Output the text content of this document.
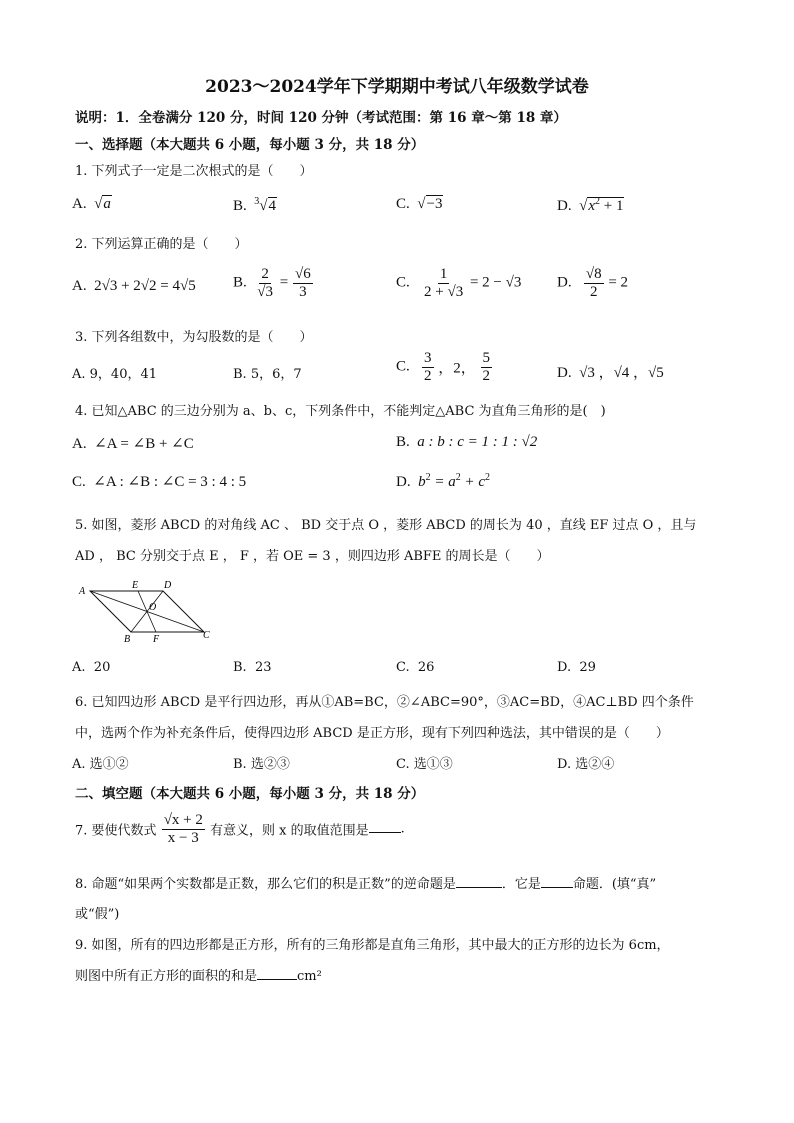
2023～2024学年下学期期中考试八年级数学试卷
说明：1．全卷满分 120 分，时间 120 分钟（考试范围：第 16 章～第 18 章）
一、选择题（本大题共 6 小题，每小题 3 分，共 18 分）
1. 下列式子一定是二次根式的是（　　）
A.  √a	B. $^3$√4	C.  √−3	D.  $√x^2 + 1$
2. 下列运算正确的是（　　）
A. 2√3 + 2√2 = 4√5 B. $\frac{2}{√3} = \frac{√6}{3}$	C. $\frac{1}{2 + √3} = 2 - √3$ D. $\frac{√8}{2} = 2$
3. 下列各组数中，为勾股数的是（　　）
A. 9，40，41	B. 5，6，7	C. $\frac{3}{2}$ ，2， $\frac{5}{2}$	D. √3 ，√4 ，√5
4. 已知△ABC 的三边分别为 a、b、c，下列条件中，不能判定△ABC 为直角三角形的是(　)
A. ∠A = ∠B + ∠C	B. a : b : c = 1 : 1 : √2
C. ∠A : ∠B : ∠C = 3 : 4 : 5	D. $b^2 = a^2 + c^2$
5. 如图，菱形 ABCD 的对角线 AC 、 BD 交于点 O ，菱形 ABCD 的周长为 40 ，直线 EF 过点 O ，且与
AD ， BC 分别交于点 E ， F ，若 OE = 3 ，则四边形 ABFE 的周长是（　　）
A
D
E
O
B F	C
A. 20	B. 23	C. 26	D. 29
6. 已知四边形 ABCD 是平行四边形，再从①AB=BC，②∠ABC=90°，③AC=BD，④AC⊥BD 四个条件
中，选两个作为补充条件后，使得四边形 ABCD 是正方形，现有下列四种选法，其中错误的是（　　）
A. 选①②	B. 选②③	C. 选①③	D. 选②④
二、填空题（本大题共 6 小题，每小题 3 分，共 18 分）
7. 要使代数式 $\frac{√x + 2}{x - 3}$ 有意义，则 x 的取值范围是 .
8. 命题“如果两个实数都是正数，那么它们的积是正数”的逆命题是	．它是 命题．(填“真”
或“假”)
9. 如图，所有的四边形都是正方形，所有的三角形都是直角三角形，其中最大的正方形的边长为 6cm，
则图中所有正方形的面积的和是	cm²
